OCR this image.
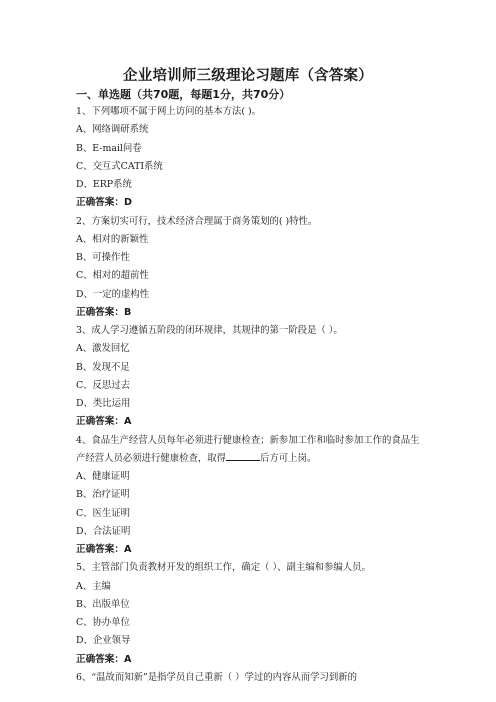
企业培训师三级理论习题库（含答案）
一、单选题（共70题，每题1分，共70分）
1、下列哪项不属于网上访问的基本方法( )。
A、网络调研系统
B、E-mail问卷
C、交互式CATI系统
D、ERP系统
正确答案：D
2、方案切实可行，技术经济合理属于商务策划的( )特性。
A、相对的新颖性
B、可操作性
C、相对的超前性
D、一定的虚构性
正确答案：B
3、成人学习遵循五阶段的闭环规律，其规律的第一阶段是（ ）。
A、激发回忆
B、发现不足
C、反思过去
D、类比运用
正确答案：A
4、食品生产经营人员每年必须进行健康检查；新参加工作和临时参加工作的食品生产经营人员必须进行健康检查，取得	后方可上岗。
A、健康证明
B、治疗证明
C、医生证明
D、合法证明
正确答案：A
5、主管部门负责教材开发的组织工作，确定（ ）、副主编和参编人员。
A、主编
B、出版单位
C、协办单位
D、企业领导
正确答案：A
6、“温故而知新”是指学员自己重新（ ）学过的内容从而学习到新的
